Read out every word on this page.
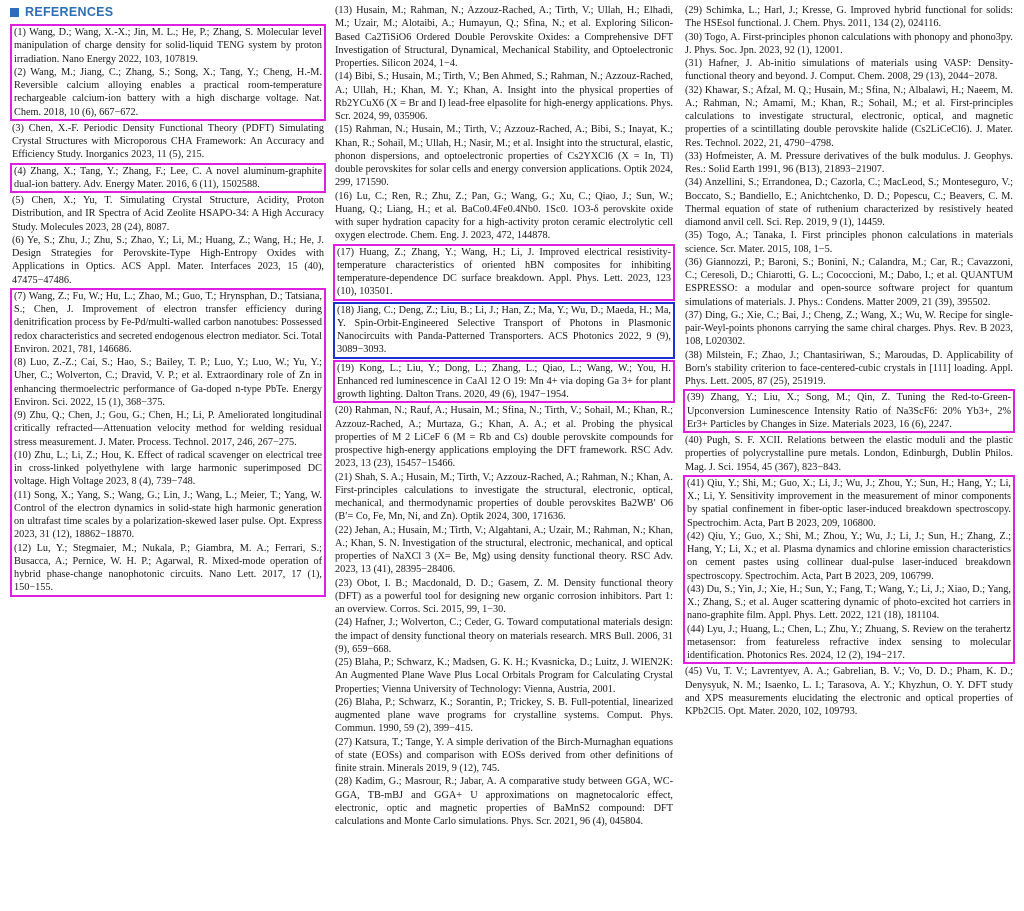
REFERENCES

(1) Wang, D.; Wang, X.-X.; Jin, M. L.; He, P.; Zhang, S. Molecular level manipulation of charge density for solid-liquid TENG system by proton irradiation. Nano Energy 2022, 103, 107819.

(2) Wang, M.; Jiang, C.; Zhang, S.; Song, X.; Tang, Y.; Cheng, H.-M. Reversible calcium alloying enables a practical room-temperature rechargeable calcium-ion battery with a high discharge voltage. Nat. Chem. 2018, 10 (6), 667−672.

(3) Chen, X.-F. Periodic Density Functional Theory (PDFT) Simulating Crystal Structures with Microporous CHA Framework: An Accuracy and Efficiency Study. Inorganics 2023, 11 (5), 215.

(4) Zhang, X.; Tang, Y.; Zhang, F.; Lee, C. A novel aluminum-graphite dual-ion battery. Adv. Energy Mater. 2016, 6 (11), 1502588.

(5) Chen, X.; Yu, T. Simulating Crystal Structure, Acidity, Proton Distribution, and IR Spectra of Acid Zeolite HSAPO-34: A High Accuracy Study. Molecules 2023, 28 (24), 8087.

(6) Ye, S.; Zhu, J.; Zhu, S.; Zhao, Y.; Li, M.; Huang, Z.; Wang, H.; He, J. Design Strategies for Perovskite-Type High-Entropy Oxides with Applications in Optics. ACS Appl. Mater. Interfaces 2023, 15 (40), 47475−47486.

(7) Wang, Z.; Fu, W.; Hu, L.; Zhao, M.; Guo, T.; Hrynsphan, D.; Tatsiana, S.; Chen, J. Improvement of electron transfer efficiency during denitrification process by Fe-Pd/multi-walled carbon nanotubes: Possessed redox characteristics and secreted endogenous electron mediator. Sci. Total Environ. 2021, 781, 146686.

(8) Luo, Z.-Z.; Cai, S.; Hao, S.; Bailey, T. P.; Luo, Y.; Luo, W.; Yu, Y.; Uher, C.; Wolverton, C.; Dravid, V. P.; et al. Extraordinary role of Zn in enhancing thermoelectric performance of Ga-doped n-type PbTe. Energy Environ. Sci. 2022, 15 (1), 368−375.

(9) Zhu, Q.; Chen, J.; Gou, G.; Chen, H.; Li, P. Ameliorated longitudinal critically refracted—Attenuation velocity method for welding residual stress measurement. J. Mater. Process. Technol. 2017, 246, 267−275.

(10) Zhu, L.; Li, Z.; Hou, K. Effect of radical scavenger on electrical tree in cross-linked polyethylene with large harmonic superimposed DC voltage. High Voltage 2023, 8 (4), 739−748.

(11) Song, X.; Yang, S.; Wang, G.; Lin, J.; Wang, L.; Meier, T.; Yang, W. Control of the electron dynamics in solid-state high harmonic generation on ultrafast time scales by a polarization-skewed laser pulse. Opt. Express 2023, 31 (12), 18862−18870.

(12) Lu, Y.; Stegmaier, M.; Nukala, P.; Giambra, M. A.; Ferrari, S.; Busacca, A.; Pernice, W. H. P.; Agarwal, R. Mixed-mode operation of hybrid phase-change nanophotonic circuits. Nano Lett. 2017, 17 (1), 150−155.

(13) Husain, M.; Rahman, N.; Azzouz-Rached, A.; Tirth, V.; Ullah, H.; Elhadi, M.; Uzair, M.; Alotaibi, A.; Humayun, Q.; Sfina, N.; et al. Exploring Silicon-Based Ca2TiSiO6 Ordered Double Perovskite Oxides: a Comprehensive DFT Investigation of Structural, Dynamical, Mechanical Stability, and Optoelectronic Properties. Silicon 2024, 1−4.

(14) Bibi, S.; Husain, M.; Tirth, V.; Ben Ahmed, S.; Rahman, N.; Azzouz-Rached, A.; Ullah, H.; Khan, M. Y.; Khan, A. Insight into the physical properties of Rb2YCuX6 (X = Br and I) lead-free elpasolite for high-energy applications. Phys. Scr. 2024, 99, 035906.

(15) Rahman, N.; Husain, M.; Tirth, V.; Azzouz-Rached, A.; Bibi, S.; Inayat, K.; Khan, R.; Sohail, M.; Ullah, H.; Nasir, M.; et al. Insight into the structural, elastic, phonon dispersions, and optoelectronic properties of Cs2YXCl6 (X = In, Tl) double perovskites for solar cells and energy conversion applications. Optik 2024, 299, 171590.

(16) Lu, C.; Ren, R.; Zhu, Z.; Pan, G.; Wang, G.; Xu, C.; Qiao, J.; Sun, W.; Huang, Q.; Liang, H.; et al. BaCo0.4Fe0.4Nb0. 1Sc0. 1O3-δ perovskite oxide with super hydration capacity for a high-activity proton ceramic electrolytic cell oxygen electrode. Chem. Eng. J. 2023, 472, 144878.

(17) Huang, Z.; Zhang, Y.; Wang, H.; Li, J. Improved electrical resistivity-temperature characteristics of oriented hBN composites for inhibiting temperature-dependence DC surface breakdown. Appl. Phys. Lett. 2023, 123 (10), 103501.

(18) Jiang, C.; Deng, Z.; Liu, B.; Li, J.; Han, Z.; Ma, Y.; Wu, D.; Maeda, H.; Ma, Y. Spin-Orbit-Engineered Selective Transport of Photons in Plasmonic Nanocircuits with Panda-Patterned Transporters. ACS Photonics 2022, 9 (9), 3089−3093.

(19) Kong, L.; Liu, Y.; Dong, L.; Zhang, L.; Qiao, L.; Wang, W.; You, H. Enhanced red luminescence in CaAl 12 O 19: Mn 4+ via doping Ga 3+ for plant growth lighting. Dalton Trans. 2020, 49 (6), 1947−1954.

(20) Rahman, N.; Rauf, A.; Husain, M.; Sfina, N.; Tirth, V.; Sohail, M.; Khan, R.; Azzouz-Rached, A.; Murtaza, G.; Khan, A. A.; et al. Probing the physical properties of M 2 LiCeF 6 (M = Rb and Cs) double perovskite compounds for prospective high-energy applications employing the DFT framework. RSC Adv. 2023, 13 (23), 15457−15466.

(21) Shah, S. A.; Husain, M.; Tirth, V.; Azzouz-Rached, A.; Rahman, N.; Khan, A. First-principles calculations to investigate the structural, electronic, optical, mechanical, and thermodynamic properties of double perovskites Ba2WB′ O6 (B′= Co, Fe, Mn, Ni, and Zn). Optik 2024, 300, 171636.

(22) Jehan, A.; Husain, M.; Tirth, V.; Algahtani, A.; Uzair, M.; Rahman, N.; Khan, A.; Khan, S. N. Investigation of the structural, electronic, mechanical, and optical properties of NaXCl 3 (X= Be, Mg) using density functional theory. RSC Adv. 2023, 13 (41), 28395−28406.

(23) Obot, I. B.; Macdonald, D. D.; Gasem, Z. M. Density functional theory (DFT) as a powerful tool for designing new organic corrosion inhibitors. Part 1: an overview. Corros. Sci. 2015, 99, 1−30.

(24) Hafner, J.; Wolverton, C.; Ceder, G. Toward computational materials design: the impact of density functional theory on materials research. MRS Bull. 2006, 31 (9), 659−668.

(25) Blaha, P.; Schwarz, K.; Madsen, G. K. H.; Kvasnicka, D.; Luitz, J. WIEN2K: An Augmented Plane Wave Plus Local Orbitals Program for Calculating Crystal Properties; Vienna University of Technology: Vienna, Austria, 2001.

(26) Blaha, P.; Schwarz, K.; Sorantin, P.; Trickey, S. B. Full-potential, linearized augmented plane wave programs for crystalline systems. Comput. Phys. Commun. 1990, 59 (2), 399−415.

(27) Katsura, T.; Tange, Y. A simple derivation of the Birch-Murnaghan equations of state (EOSs) and comparison with EOSs derived from other definitions of finite strain. Minerals 2019, 9 (12), 745.

(28) Kadim, G.; Masrour, R.; Jabar, A. A comparative study between GGA, WC-GGA, TB-mBJ and GGA+ U approximations on magnetocaloric effect, electronic, optic and magnetic properties of BaMnS2 compound: DFT calculations and Monte Carlo simulations. Phys. Scr. 2021, 96 (4), 045804.

(29) Schimka, L.; Harl, J.; Kresse, G. Improved hybrid functional for solids: The HSEsol functional. J. Chem. Phys. 2011, 134 (2), 024116.

(30) Togo, A. First-principles phonon calculations with phonopy and phono3py. J. Phys. Soc. Jpn. 2023, 92 (1), 12001.

(31) Hafner, J. Ab-initio simulations of materials using VASP: Density-functional theory and beyond. J. Comput. Chem. 2008, 29 (13), 2044−2078.

(32) Khawar, S.; Afzal, M. Q.; Husain, M.; Sfina, N.; Albalawi, H.; Naeem, M. A.; Rahman, N.; Amami, M.; Khan, R.; Sohail, M.; et al. First-principles calculations to investigate structural, electronic, optical, and magnetic properties of a scintillating double perovskite halide (Cs2LiCeCl6). J. Mater. Res. Technol. 2022, 21, 4790−4798.

(33) Hofmeister, A. M. Pressure derivatives of the bulk modulus. J. Geophys. Res.: Solid Earth 1991, 96 (B13), 21893−21907.

(34) Anzellini, S.; Errandonea, D.; Cazorla, C.; MacLeod, S.; Monteseguro, V.; Boccato, S.; Bandiello, E.; Anichtchenko, D. D.; Popescu, C.; Beavers, C. M. Thermal equation of state of ruthenium characterized by resistively heated diamond anvil cell. Sci. Rep. 2019, 9 (1), 14459.

(35) Togo, A.; Tanaka, I. First principles phonon calculations in materials science. Scr. Mater. 2015, 108, 1−5.

(36) Giannozzi, P.; Baroni, S.; Bonini, N.; Calandra, M.; Car, R.; Cavazzoni, C.; Ceresoli, D.; Chiarotti, G. L.; Cococcioni, M.; Dabo, I.; et al. QUANTUM ESPRESSO: a modular and open-source software project for quantum simulations of materials. J. Phys.: Condens. Matter 2009, 21 (39), 395502.

(37) Ding, G.; Xie, C.; Bai, J.; Cheng, Z.; Wang, X.; Wu, W. Recipe for single-pair-Weyl-points phonons carrying the same chiral charges. Phys. Rev. B 2023, 108, L020302.

(38) Milstein, F.; Zhao, J.; Chantasiriwan, S.; Maroudas, D. Applicability of Born's stability criterion to face-centered-cubic crystals in [111] loading. Appl. Phys. Lett. 2005, 87 (25), 251919.

(39) Zhang, Y.; Liu, X.; Song, M.; Qin, Z. Tuning the Red-to-Green-Upconversion Luminescence Intensity Ratio of Na3ScF6: 20% Yb3+, 2% Er3+ Particles by Changes in Size. Materials 2023, 16 (6), 2247.

(40) Pugh, S. F. XCII. Relations between the elastic moduli and the plastic properties of polycrystalline pure metals. London, Edinburgh, Dublin Philos. Mag. J. Sci. 1954, 45 (367), 823−843.

(41) Qiu, Y.; Shi, M.; Guo, X.; Li, J.; Wu, J.; Zhou, Y.; Sun, H.; Hang, Y.; Li, X.; Li, Y. Sensitivity improvement in the measurement of minor components by spatial confinement in fiber-optic laser-induced breakdown spectroscopy. Spectrochim. Acta, Part B 2023, 209, 106800.

(42) Qiu, Y.; Guo, X.; Shi, M.; Zhou, Y.; Wu, J.; Li, J.; Sun, H.; Zhang, Z.; Hang, Y.; Li, X.; et al. Plasma dynamics and chlorine emission characteristics on cement pastes using collinear dual-pulse laser-induced breakdown spectroscopy. Spectrochim. Acta, Part B 2023, 209, 106799.

(43) Du, S.; Yin, J.; Xie, H.; Sun, Y.; Fang, T.; Wang, Y.; Li, J.; Xiao, D.; Yang, X.; Zhang, S.; et al. Auger scattering dynamic of photo-excited hot carriers in nano-graphite film. Appl. Phys. Lett. 2022, 121 (18), 181104.

(44) Lyu, J.; Huang, L.; Chen, L.; Zhu, Y.; Zhuang, S. Review on the terahertz metasensor: from featureless refractive index sensing to molecular identification. Photonics Res. 2024, 12 (2), 194−217.

(45) Vu, T. V.; Lavrentyev, A. A.; Gabrelian, B. V.; Vo, D. D.; Pham, K. D.; Denysyuk, N. M.; Isaenko, L. I.; Tarasova, A. Y.; Khyzhun, O. Y. DFT study and XPS measurements elucidating the electronic and optical properties of KPb2Cl5. Opt. Mater. 2020, 102, 109793.
